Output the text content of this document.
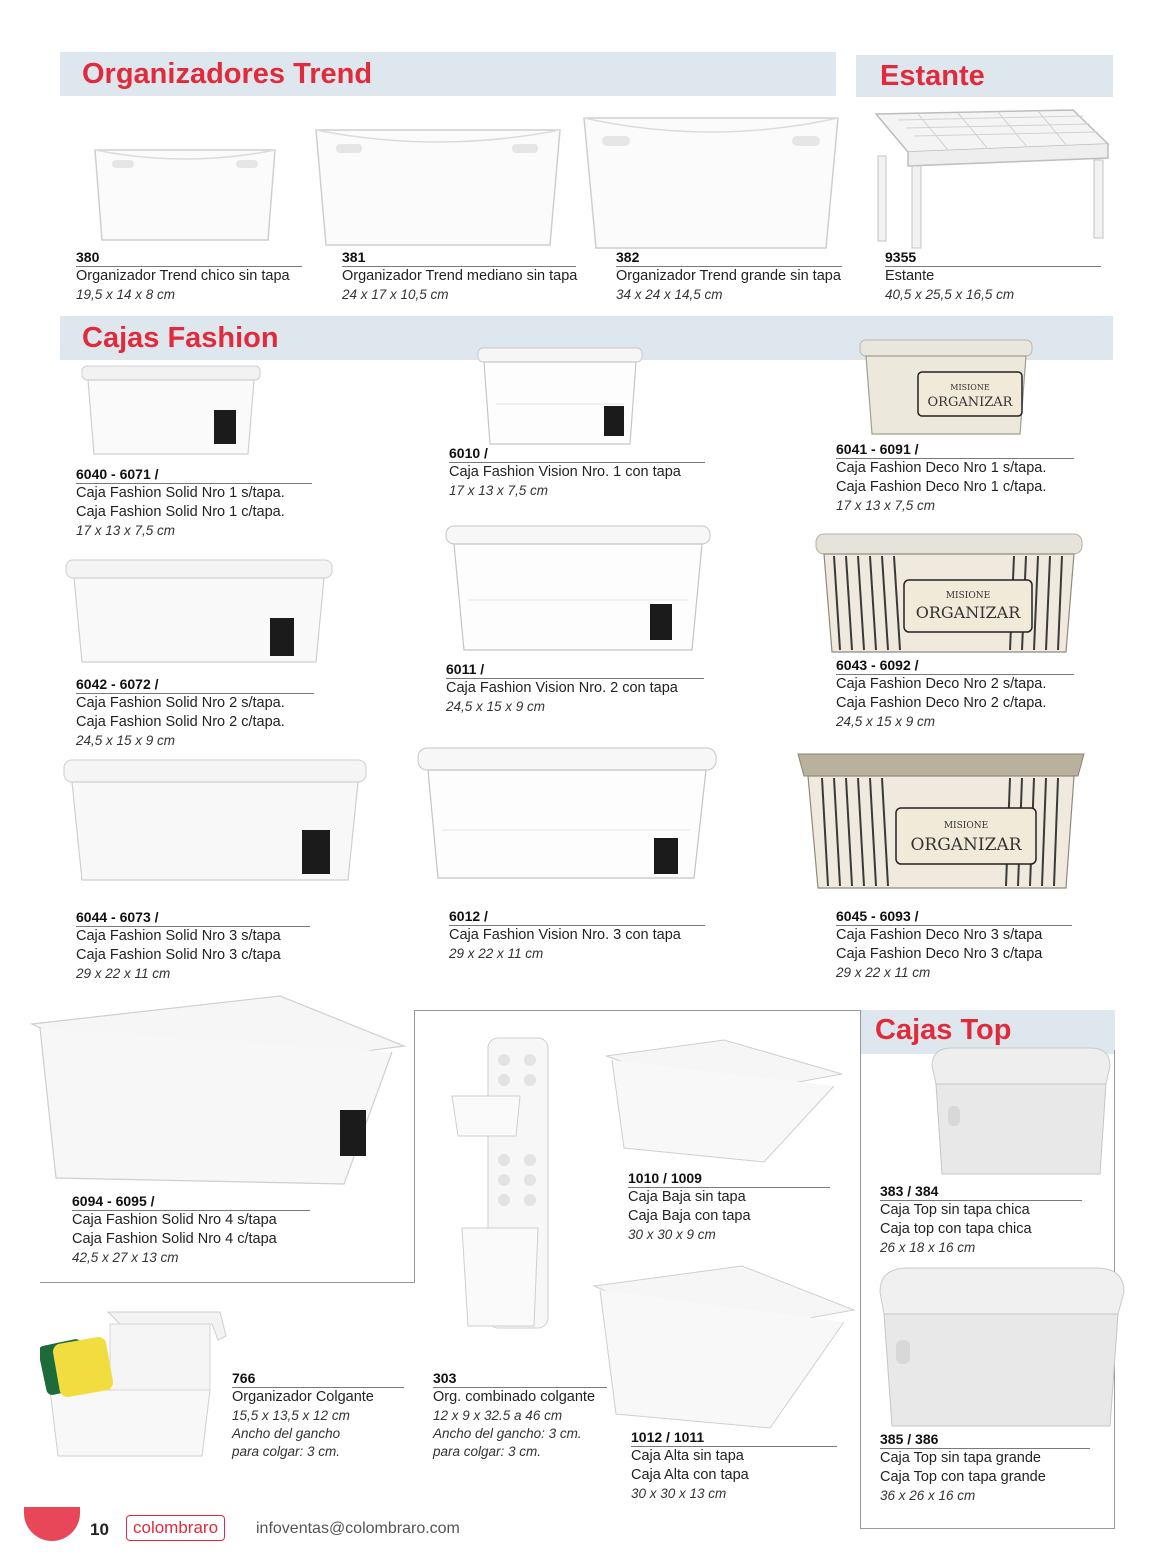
Organizadores Trend	Estante
Cajas Fashion
Cajas Top
MISIONE
ORGANIZAR
MISIONE
ORGANIZAR
MISIONE
ORGANIZAR
380
Organizador Trend chico sin tapa
19,5 x 14 x 8 cm
381
Organizador Trend mediano sin tapa
24 x 17 x 10,5 cm
382
Organizador Trend grande sin tapa
34 x 24 x 14,5 cm
9355
Estante
40,5 x 25,5 x 16,5 cm
6040 - 6071 /
Caja Fashion Solid Nro 1 s/tapa.
Caja Fashion Solid Nro 1 c/tapa.
17 x 13 x 7,5 cm
6010 /
Caja Fashion Vision Nro. 1 con tapa
17 x 13 x 7,5 cm
6041 - 6091 /
Caja Fashion Deco Nro 1 s/tapa.
Caja Fashion Deco Nro 1 c/tapa.
17 x 13 x 7,5 cm
6042 - 6072 /
Caja Fashion Solid Nro 2 s/tapa.
Caja Fashion Solid Nro 2 c/tapa.
24,5 x 15 x 9 cm
6011 /
Caja Fashion Vision Nro. 2 con tapa
24,5 x 15 x 9 cm
6043 - 6092 /
Caja Fashion Deco Nro 2 s/tapa.
Caja Fashion Deco Nro 2 c/tapa.
24,5 x 15 x 9 cm
6044 - 6073 /
Caja Fashion Solid Nro 3 s/tapa
Caja Fashion Solid Nro 3 c/tapa
29 x 22 x 11 cm
6012 /
Caja Fashion Vision Nro. 3 con tapa
29 x 22 x 11 cm
6045 - 6093 /
Caja Fashion Deco Nro 3 s/tapa
Caja Fashion Deco Nro 3 c/tapa
29 x 22 x 11 cm
6094 - 6095 /
Caja Fashion Solid Nro 4 s/tapa
Caja Fashion Solid Nro 4 c/tapa
42,5 x 27 x 13 cm
1010 / 1009
Caja Baja sin tapa
Caja Baja con tapa
30 x 30 x 9 cm
383 / 384
Caja Top sin tapa chica
Caja top con tapa chica
26 x 18 x 16 cm
766
Organizador Colgante
15,5 x 13,5 x 12 cm
Ancho del gancho
para colgar: 3 cm.
303
Org. combinado colgante
12 x 9 x 32.5 a 46 cm
Ancho del gancho: 3 cm.
para colgar: 3 cm.
1012 / 1011
Caja Alta sin tapa
Caja Alta con tapa
30 x 30 x 13 cm
385 / 386
Caja Top sin tapa grande
Caja Top con tapa grande
36 x 26 x 16 cm
10	colombraro	infoventas@colombraro.com
